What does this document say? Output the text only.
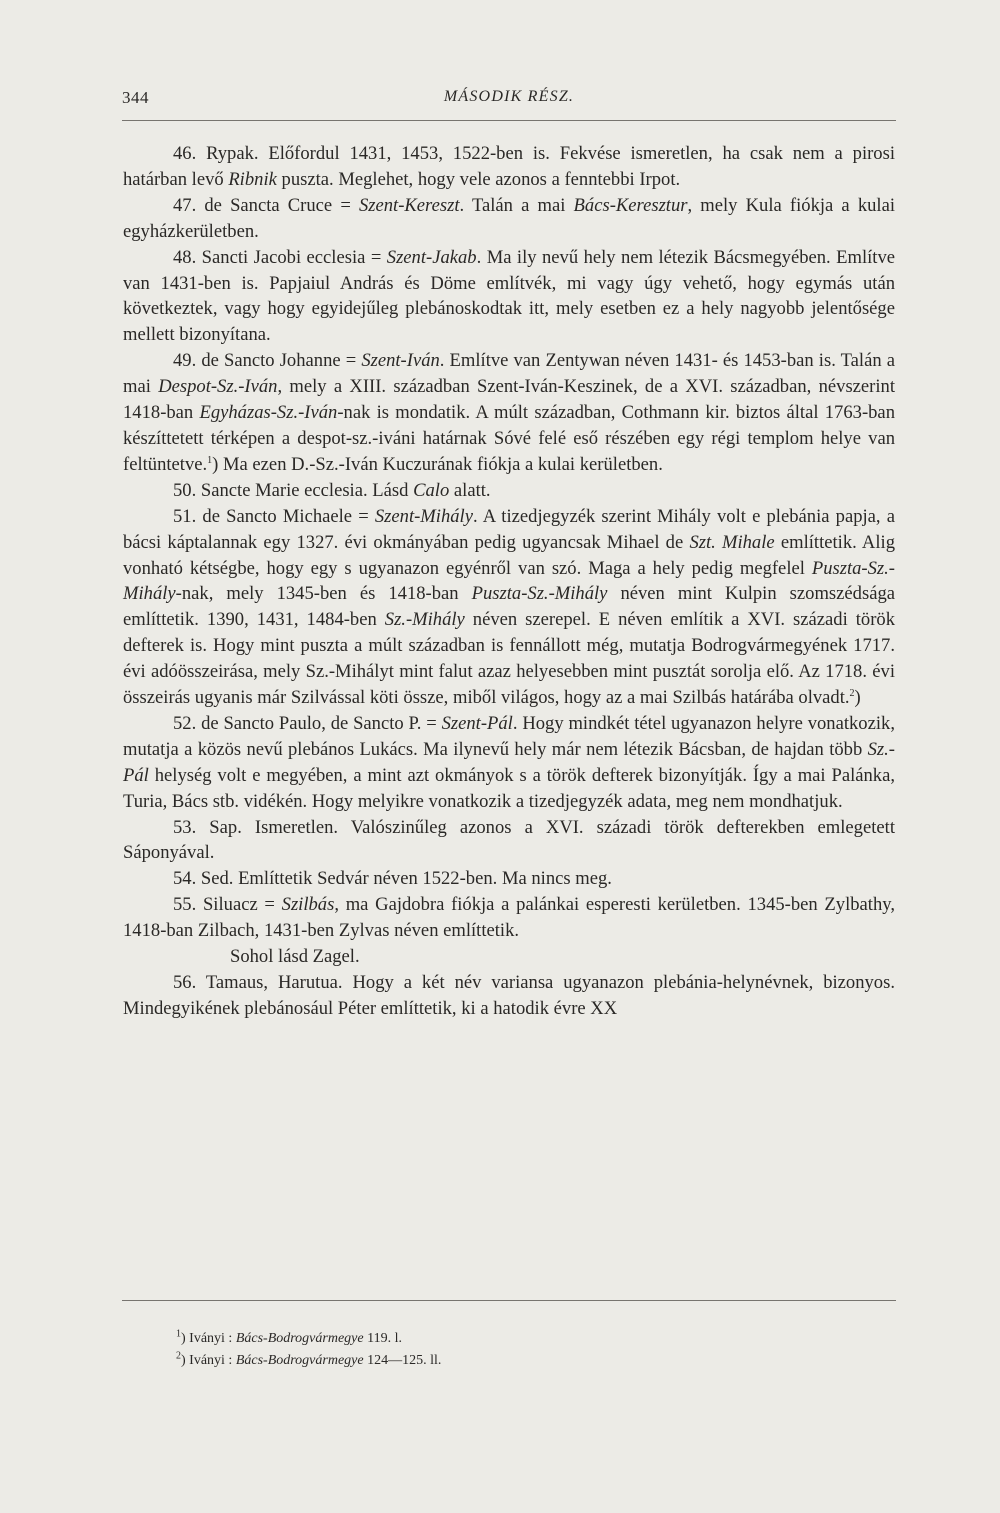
344	MÁSODIK RÉSZ.

46. Rypak. Előfordul 1431, 1453, 1522-ben is. Fekvése ismeretlen, ha csak nem a pirosi határban levő Ribnik puszta. Meglehet, hogy vele azonos a fenntebbi Irpot.

47. de Sancta Cruce = Szent-Kereszt. Talán a mai Bács-Keresztur, mely Kula fiókja a kulai egyházkerületben.

48. Sancti Jacobi ecclesia = Szent-Jakab. Ma ily nevű hely nem létezik Bácsmegyében. Említve van 1431-ben is. Papjaiul András és Döme említvék, mi vagy úgy vehető, hogy egymás után következtek, vagy hogy egyidejűleg plebánoskodtak itt, mely esetben ez a hely nagyobb jelentősége mellett bizonyítana.

49. de Sancto Johanne = Szent-Iván. Említve van Zentywan néven 1431- és 1453-ban is. Talán a mai Despot-Sz.-Iván, mely a XIII. században Szent-Iván-Keszinek, de a XVI. században, névszerint 1418-ban Egyházas-Sz.-Iván-nak is mondatik. A múlt században, Cothmann kir. biztos által 1763-ban készíttetett térképen a despot-sz.-iváni határnak Sóvé felé eső részében egy régi templom helye van feltüntetve.$^1$) Ma ezen D.-Sz.-Iván Kuczurának fiókja a kulai kerületben.

50. Sancte Marie ecclesia. Lásd Calo alatt.

51. de Sancto Michaele = Szent-Mihály. A tizedjegyzék szerint Mihály volt e plebánia papja, a bácsi káptalannak egy 1327. évi okmányában pedig ugyancsak Mihael de Szt. Mihale említtetik. Alig vonható kétségbe, hogy egy s ugyanazon egyénről van szó. Maga a hely pedig megfelel Puszta-Sz.-Mihály-nak, mely 1345-ben és 1418-ban Puszta-Sz.-Mihály néven mint Kulpin szomszédsága említtetik. 1390, 1431, 1484-ben Sz.-Mihály néven szerepel. E néven említik a XVI. századi török defterek is. Hogy mint puszta a múlt században is fennállott még, mutatja Bodrogvármegyének 1717. évi adóösszeirása, mely Sz.-Mihályt mint falut azaz helyesebben mint pusztát sorolja elő. Az 1718. évi összeirás ugyanis már Szilvással köti össze, miből világos, hogy az a mai Szilbás határába olvadt.$^2$)

52. de Sancto Paulo, de Sancto P. = Szent-Pál. Hogy mindkét tétel ugyanazon helyre vonatkozik, mutatja a közös nevű plebános Lukács. Ma ilynevű hely már nem létezik Bácsban, de hajdan több Sz.-Pál helység volt e megyében, a mint azt okmányok s a török defterek bizonyítják. Így a mai Palánka, Turia, Bács stb. vidékén. Hogy melyikre vonatkozik a tizedjegyzék adata, meg nem mondhatjuk.

53. Sap. Ismeretlen. Valószinűleg azonos a XVI. századi török defterekben emlegetett Sáponyával.

54. Sed. Említtetik Sedvár néven 1522-ben. Ma nincs meg.

55. Siluacz = Szilbás, ma Gajdobra fiókja a palánkai esperesti kerületben. 1345-ben Zylbathy, 1418-ban Zilbach, 1431-ben Zylvas néven említtetik.

Sohol lásd Zagel.

56. Tamaus, Harutua. Hogy a két név variansa ugyanazon plebánia-helynévnek, bizonyos. Mindegyikének plebánosául Péter említtetik, ki a hatodik évre XX

$^1$) Iványi : Bács-Bodrogvármegye 119. l.
$^2$) Iványi : Bács-Bodrogvármegye 124—125. ll.
